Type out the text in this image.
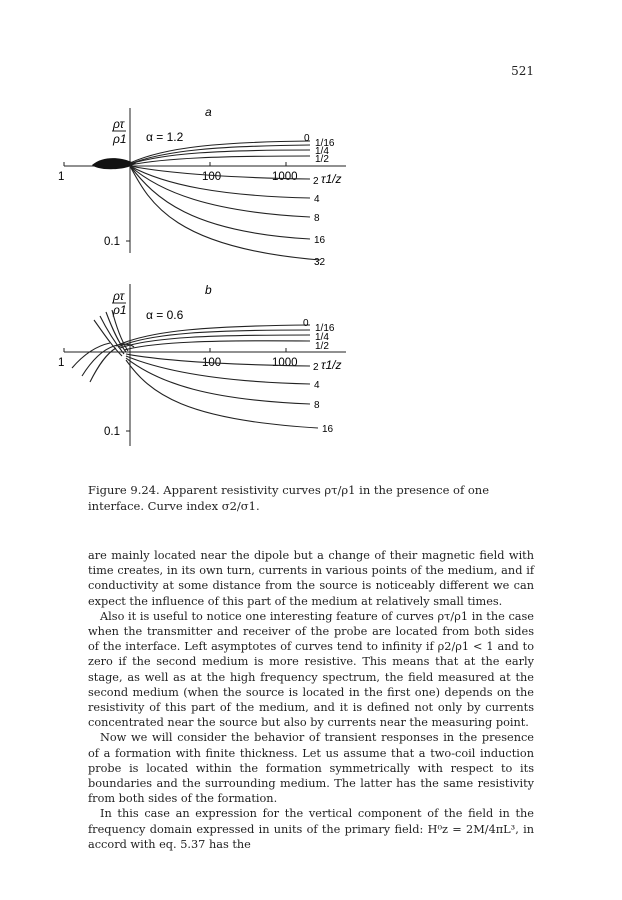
521
a
ρτ
ρ1 α = 1.2
1
0.1
100	1000 τ1/z
0 1/16
1/4
1/2
2
4
8
16
32
b
ρτ
ρ1 α = 0.6
1
0.1
100	1000 τ1/z
0 1/16
1/4
1/2
2
4
8
16
Figure 9.24. Apparent resistivity curves ρτ/ρ1 in the presence of one interface. Curve index σ2/σ1.

are mainly located near the dipole but a change of their magnetic field with time creates, in its own turn, currents in various points of the medium, and if conductivity at some distance from the source is noticeably different we can expect the influence of this part of the medium at relatively small times.

Also it is useful to notice one interesting feature of curves ρτ/ρ1 in the case when the transmitter and receiver of the probe are located from both sides of the interface. Left asymptotes of curves tend to infinity if ρ2/ρ1 < 1 and to zero if the second medium is more resistive. This means that at the early stage, as well as at the high frequency spectrum, the field measured at the second medium (when the source is located in the first one) depends on the resistivity of this part of the medium, and it is defined not only by currents concentrated near the source but also by currents near the measuring point.

Now we will consider the behavior of transient responses in the presence of a formation with finite thickness. Let us assume that a two-coil induction probe is located within the formation symmetrically with respect to its boundaries and the surrounding medium. The latter has the same resistivity from both sides of the formation.

In this case an expression for the vertical component of the field in the frequency domain expressed in units of the primary field: H⁰z = 2M/4πL³, in accord with eq. 5.37 has the
